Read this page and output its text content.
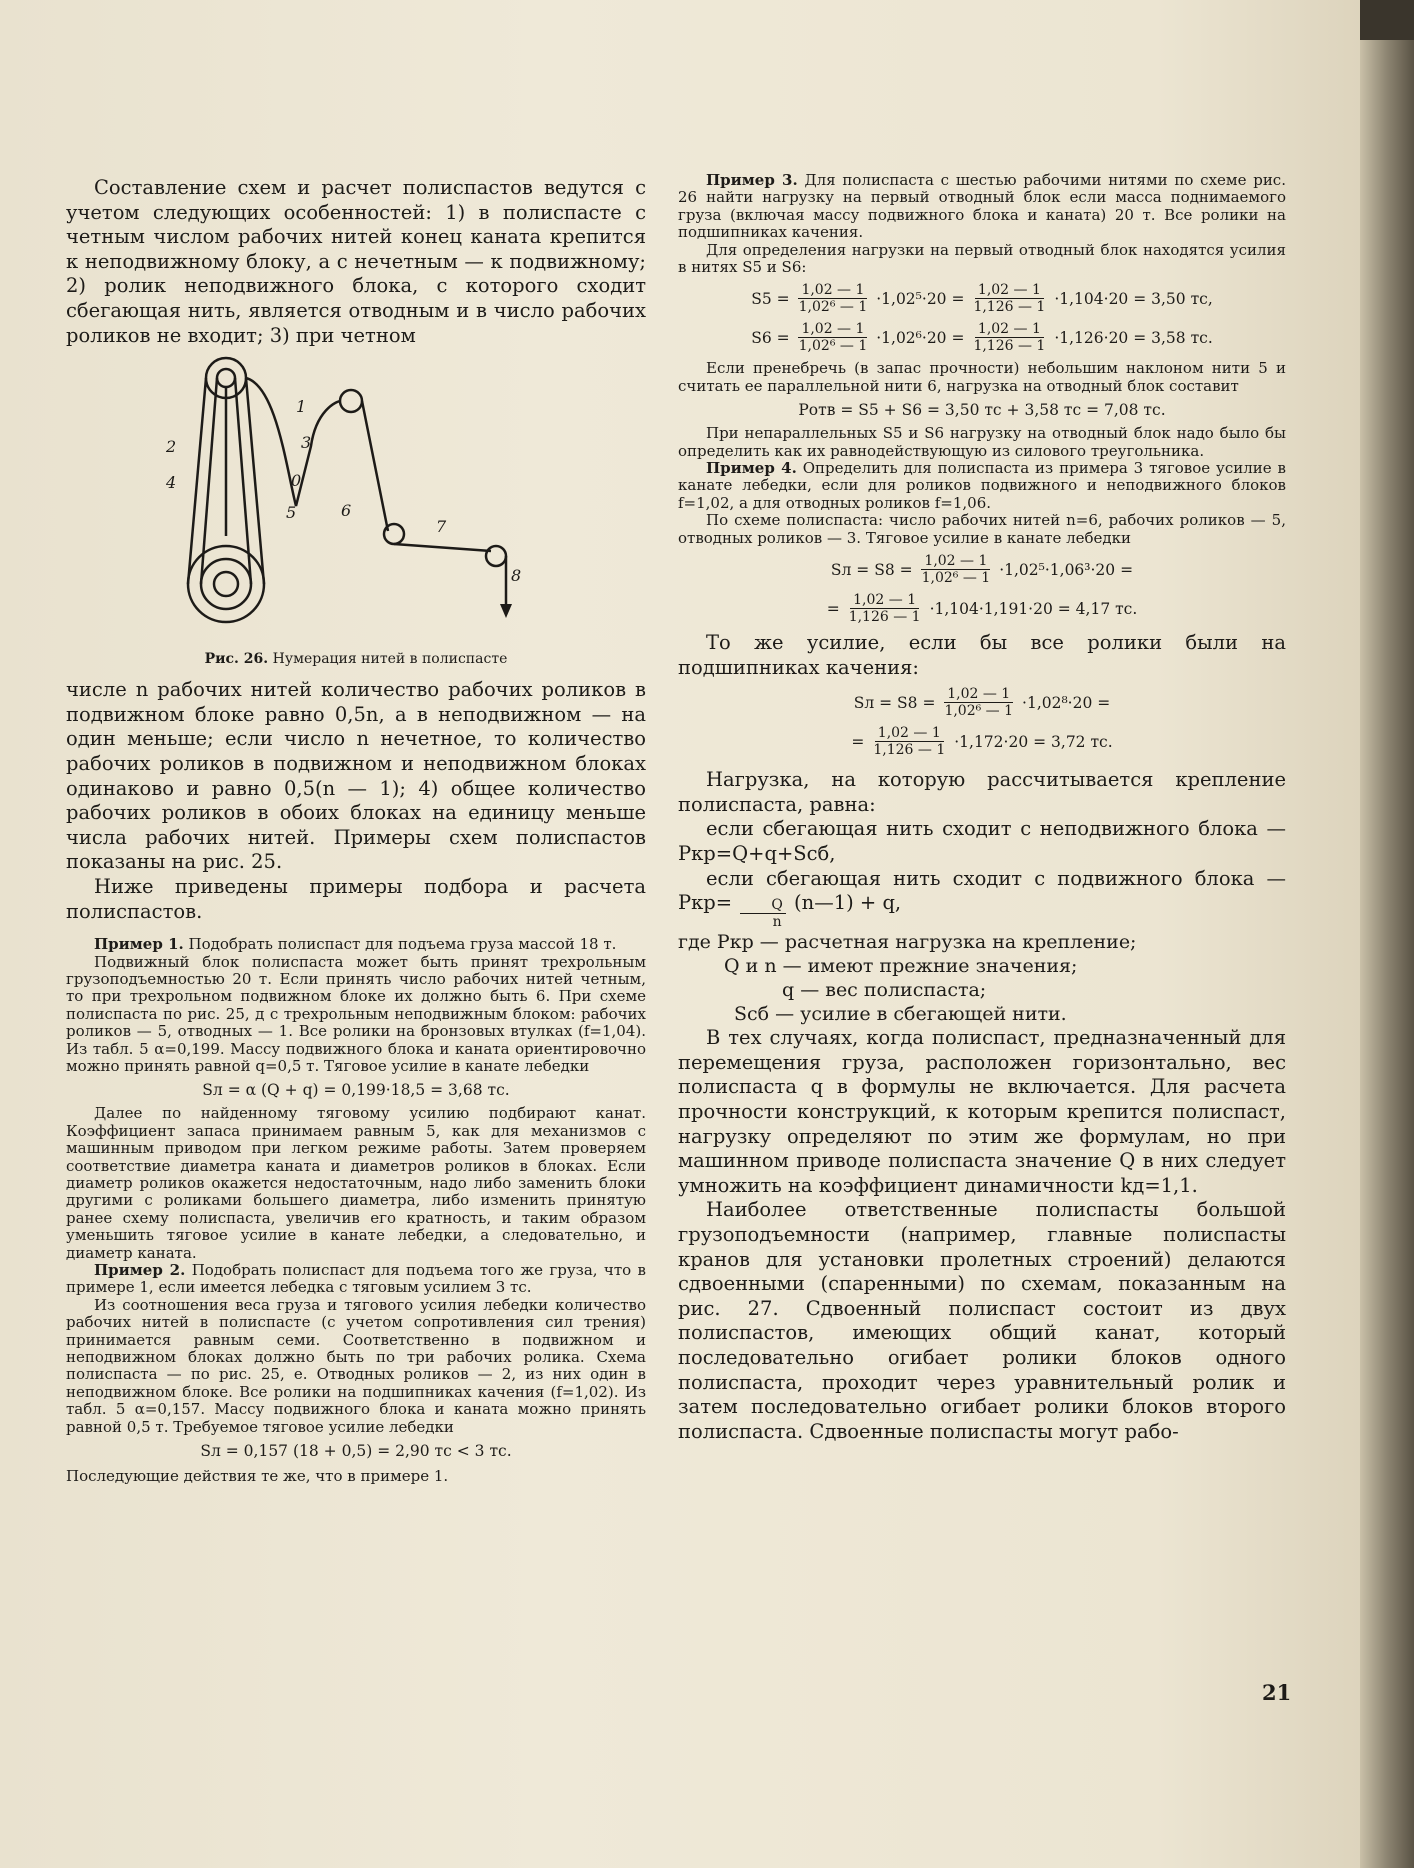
Составление схем и расчет полиспастов ведутся с учетом следующих особенностей: 1) в полиспасте с четным числом рабочих нитей конец каната крепится к неподвижному блоку, а с нечетным — к подвижному; 2) ролик неподвижного блока, с которого сходит сбегающая нить, является отводным и в число рабочих роликов не входит; 3) при четном

1
2	3
4	0
5	6
7
8
Рис. 26. Нумерация нитей в полиспасте

числе n рабочих нитей количество рабочих роликов в подвижном блоке равно 0,5n, а в неподвижном — на один меньше; если число n нечетное, то количество рабочих роликов в подвижном и неподвижном блоках одинаково и равно 0,5(n — 1); 4) общее количество рабочих роликов в обоих блоках на единицу меньше числа рабочих нитей. Примеры схем полиспастов показаны на рис. 25.

Ниже приведены примеры подбора и расчета полиспастов.

Пример 1. Подобрать полиспаст для подъема груза массой 18 т.

Подвижный блок полиспаста может быть принят трехрольным грузоподъемностью 20 т. Если принять число рабочих нитей четным, то при трехрольном подвижном блоке их должно быть 6. При схеме полиспаста по рис. 25, д с трехрольным неподвижным блоком: рабочих роликов — 5, отводных — 1. Все ролики на бронзовых втулках (f=1,04). Из табл. 5 α=0,199. Массу подвижного блока и каната ориентировочно можно принять равной q=0,5 т. Тяговое усилие в канате лебедки

Sл = α (Q + q) = 0,199·18,5 = 3,68 тс.

Далее по найденному тяговому усилию подбирают канат. Коэффициент запаса принимаем равным 5, как для механизмов с машинным приводом при легком режиме работы. Затем проверяем соответствие диаметра каната и диаметров роликов в блоках. Если диаметр роликов окажется недостаточным, надо либо заменить блоки другими с роликами большего диаметра, либо изменить принятую ранее схему полиспаста, увеличив его кратность, и таким образом уменьшить тяговое усилие в канате лебедки, а следовательно, и диаметр каната.

Пример 2. Подобрать полиспаст для подъема того же груза, что в примере 1, если имеется лебедка с тяговым усилием 3 тс.

Из соотношения веса груза и тягового усилия лебедки количество рабочих нитей в полиспасте (с учетом сопротивления сил трения) принимается равным семи. Соответственно в подвижном и неподвижном блоках должно быть по три рабочих ролика. Схема полиспаста — по рис. 25, е. Отводных роликов — 2, из них один в неподвижном блоке. Все ролики на подшипниках качения (f=1,02). Из табл. 5 α=0,157. Массу подвижного блока и каната можно принять равной 0,5 т. Требуемое тяговое усилие лебедки

Sл = 0,157 (18 + 0,5) = 2,90 тс < 3 тс.

Последующие действия те же, что в примере 1.

Пример 3. Для полиспаста с шестью рабочими нитями по схеме рис. 26 найти нагрузку на первый отводный блок если масса поднимаемого груза (включая массу подвижного блока и каната) 20 т. Все ролики на подшипниках качения.

Для определения нагрузки на первый отводный блок находятся усилия в нитях S5 и S6:

$S5 = \frac{1,02 — 1}{\text{1,02⁶ — 1}} \cdot 1,02^5\cdot 20 = \frac{1,02 — 1}{1,126 — 1} \cdot 1,104\cdot 20 = 3,50$ тс,
$S6 = \frac{1,02 — 1}{\text{1,02⁶ — 1}} \cdot 1,02^6\cdot 20 = \frac{1,02 — 1}{1,126 — 1} \cdot 1,126\cdot 20 = 3,58$ тс.

Если пренебречь (в запас прочности) небольшим наклоном нити 5 и считать ее параллельной нити 6, нагрузка на отводный блок составит

Pотв = S5 + S6 = 3,50 тс + 3,58 тс = 7,08 тс.

При непараллельных S5 и S6 нагрузку на отводный блок надо было бы определить как их равнодействующую из силового треугольника.

Пример 4. Определить для полиспаста из примера 3 тяговое усилие в канате лебедки, если для роликов подвижного и неподвижного блоков f=1,02, а для отводных роликов f=1,06.

По схеме полиспаста: число рабочих нитей n=6, рабочих роликов — 5, отводных роликов — 3. Тяговое усилие в канате лебедки

Sл = $S8 = \frac{1,02 — 1}{\text{1,02⁶ — 1}} \cdot 1,02^5\cdot 1,06^3\cdot 20$ =
= $\frac{1,02 — 1}{1,126 — 1} \cdot 1,104\cdot 1,191\cdot 20 = 4,17$ тс.

То же усилие, если бы все ролики были на подшипниках качения:

Sл = $S8 = \frac{1,02 — 1}{\text{1,02⁶ — 1}} \cdot 1,02^8\cdot 20$ =
= $\frac{1,02 — 1}{1,126 — 1} \cdot 1,172\cdot 20 = 3,72$ тс.

Нагрузка, на которую рассчитывается крепление полиспаста, равна:

если сбегающая нить сходит с неподвижного блока — Pкр=Q+q+Sсб,

если сбегающая нить сходит с подвижного блока — $Pкр= \frac{Q}{n}$ (n—1) + q,

где Pкр — расчетная нагрузка на крепление;
Q и n — имеют прежние значения;
q — вес полиспаста;
Sсб — усилие в сбегающей нити.

В тех случаях, когда полиспаст, предназначенный для перемещения груза, расположен горизонтально, вес полиспаста q в формулы не включается. Для расчета прочности конструкций, к которым крепится полиспаст, нагрузку определяют по этим же формулам, но при машинном приводе полиспаста значение Q в них следует умножить на коэффициент динамичности kд=1,1.

Наиболее ответственные полиспасты большой грузоподъемности (например, главные полиспасты кранов для установки пролетных строений) делаются сдвоенными (спаренными) по схемам, показанным на рис. 27. Сдвоенный полиспаст состоит из двух полиспастов, имеющих общий канат, который последовательно огибает ролики блоков одного полиспаста, проходит через уравнительный ролик и затем последовательно огибает ролики блоков второго полиспаста. Сдвоенные полиспасты могут рабо-

21
